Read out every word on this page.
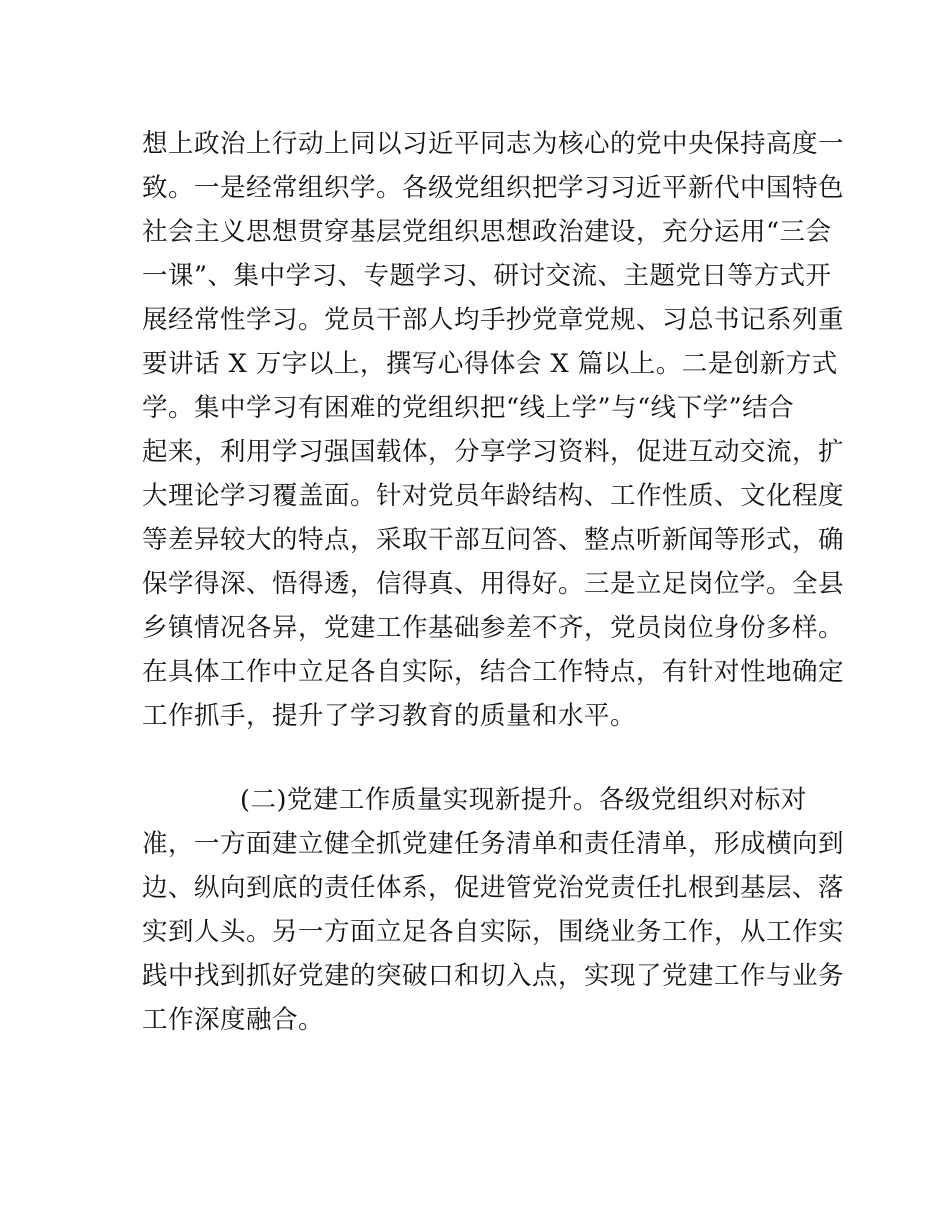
想上政治上行动上同以习近平同志为核心的党中央保持高度一
致。一是经常组织学。各级党组织把学习习近平新代中国特色
社会主义思想贯穿基层党组织思想政治建设，充分运用“三会
一课”、集中学习、专题学习、研讨交流、主题党日等方式开
展经常性学习。党员干部人均手抄党章党规、习总书记系列重
要讲话 X 万字以上，撰写心得体会 X 篇以上。二是创新方式
学。集中学习有困难的党组织把“线上学”与“线下学”结合
起来，利用学习强国载体，分享学习资料，促进互动交流，扩
大理论学习覆盖面。针对党员年龄结构、工作性质、文化程度
等差异较大的特点，采取干部互问答、整点听新闻等形式，确
保学得深、悟得透，信得真、用得好。三是立足岗位学。全县
乡镇情况各异，党建工作基础参差不齐，党员岗位身份多样。
在具体工作中立足各自实际，结合工作特点，有针对性地确定
工作抓手，提升了学习教育的质量和水平。
(二)党建工作质量实现新提升。各级党组织对标对
准，一方面建立健全抓党建任务清单和责任清单，形成横向到
边、纵向到底的责任体系，促进管党治党责任扎根到基层、落
实到人头。另一方面立足各自实际，围绕业务工作，从工作实
践中找到抓好党建的突破口和切入点，实现了党建工作与业务
工作深度融合。
